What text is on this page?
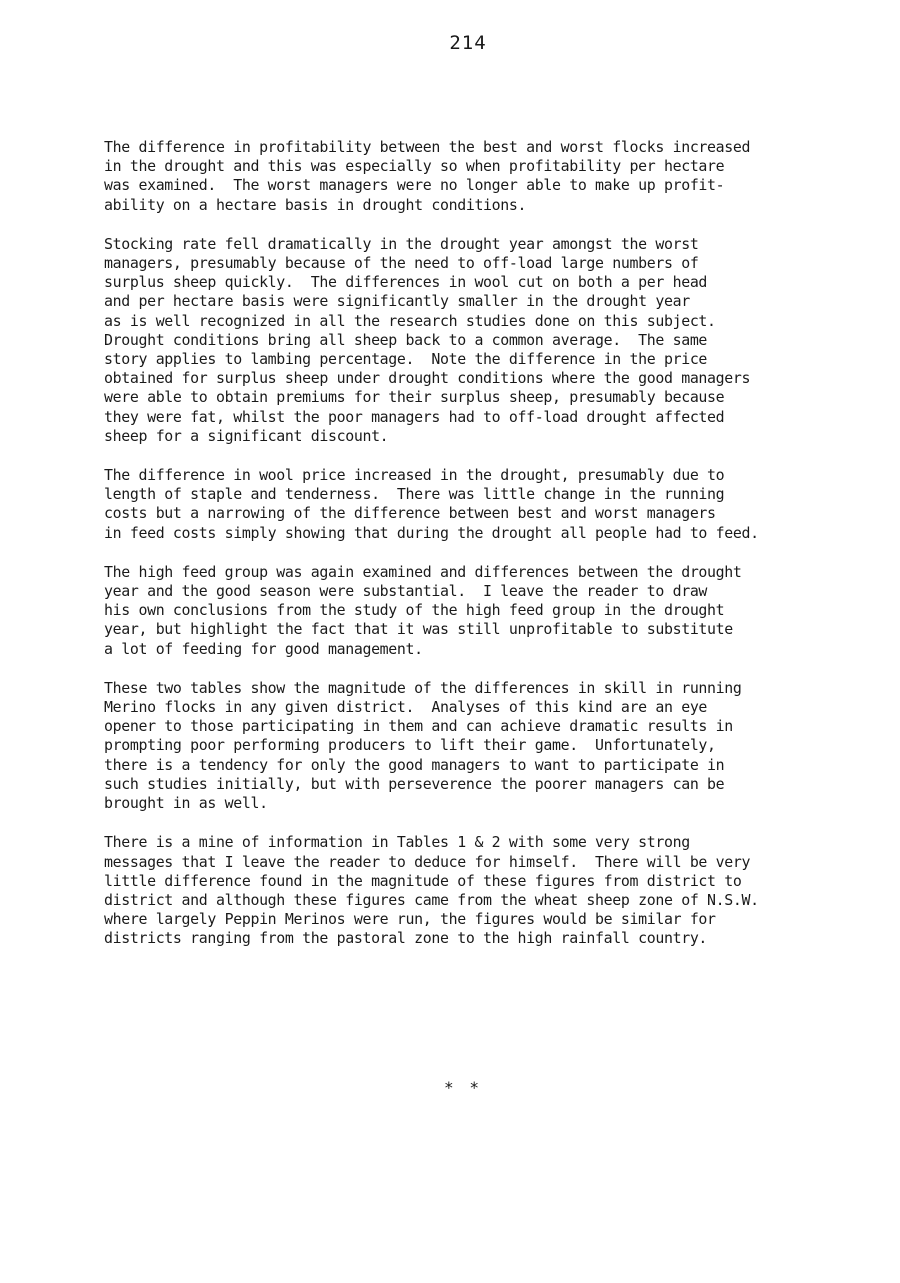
214
The difference in profitability between the best and worst flocks increased
in the drought and this was especially so when profitability per hectare
was examined.  The worst managers were no longer able to make up profit-
ability on a hectare basis in drought conditions.
Stocking rate fell dramatically in the drought year amongst the worst
managers, presumably because of the need to off-load large numbers of
surplus sheep quickly.  The differences in wool cut on both a per head
and per hectare basis were significantly smaller in the drought year
as is well recognized in all the research studies done on this subject.
Drought conditions bring all sheep back to a common average.  The same
story applies to lambing percentage.  Note the difference in the price
obtained for surplus sheep under drought conditions where the good managers
were able to obtain premiums for their surplus sheep, presumably because
they were fat, whilst the poor managers had to off-load drought affected
sheep for a significant discount.
The difference in wool price increased in the drought, presumably due to
length of staple and tenderness.  There was little change in the running
costs but a narrowing of the difference between best and worst managers
in feed costs simply showing that during the drought all people had to feed.
The high feed group was again examined and differences between the drought
year and the good season were substantial.  I leave the reader to draw
his own conclusions from the study of the high feed group in the drought
year, but highlight the fact that it was still unprofitable to substitute
a lot of feeding for good management.
These two tables show the magnitude of the differences in skill in running
Merino flocks in any given district.  Analyses of this kind are an eye
opener to those participating in them and can achieve dramatic results in
prompting poor performing producers to lift their game.  Unfortunately,
there is a tendency for only the good managers to want to participate in
such studies initially, but with perseverence the poorer managers can be
brought in as well.
There is a mine of information in Tables 1 & 2 with some very strong
messages that I leave the reader to deduce for himself.  There will be very
little difference found in the magnitude of these figures from district to
district and although these figures came from the wheat sheep zone of N.S.W.
where largely Peppin Merinos were run, the figures would be similar for
districts ranging from the pastoral zone to the high rainfall country.
* *
